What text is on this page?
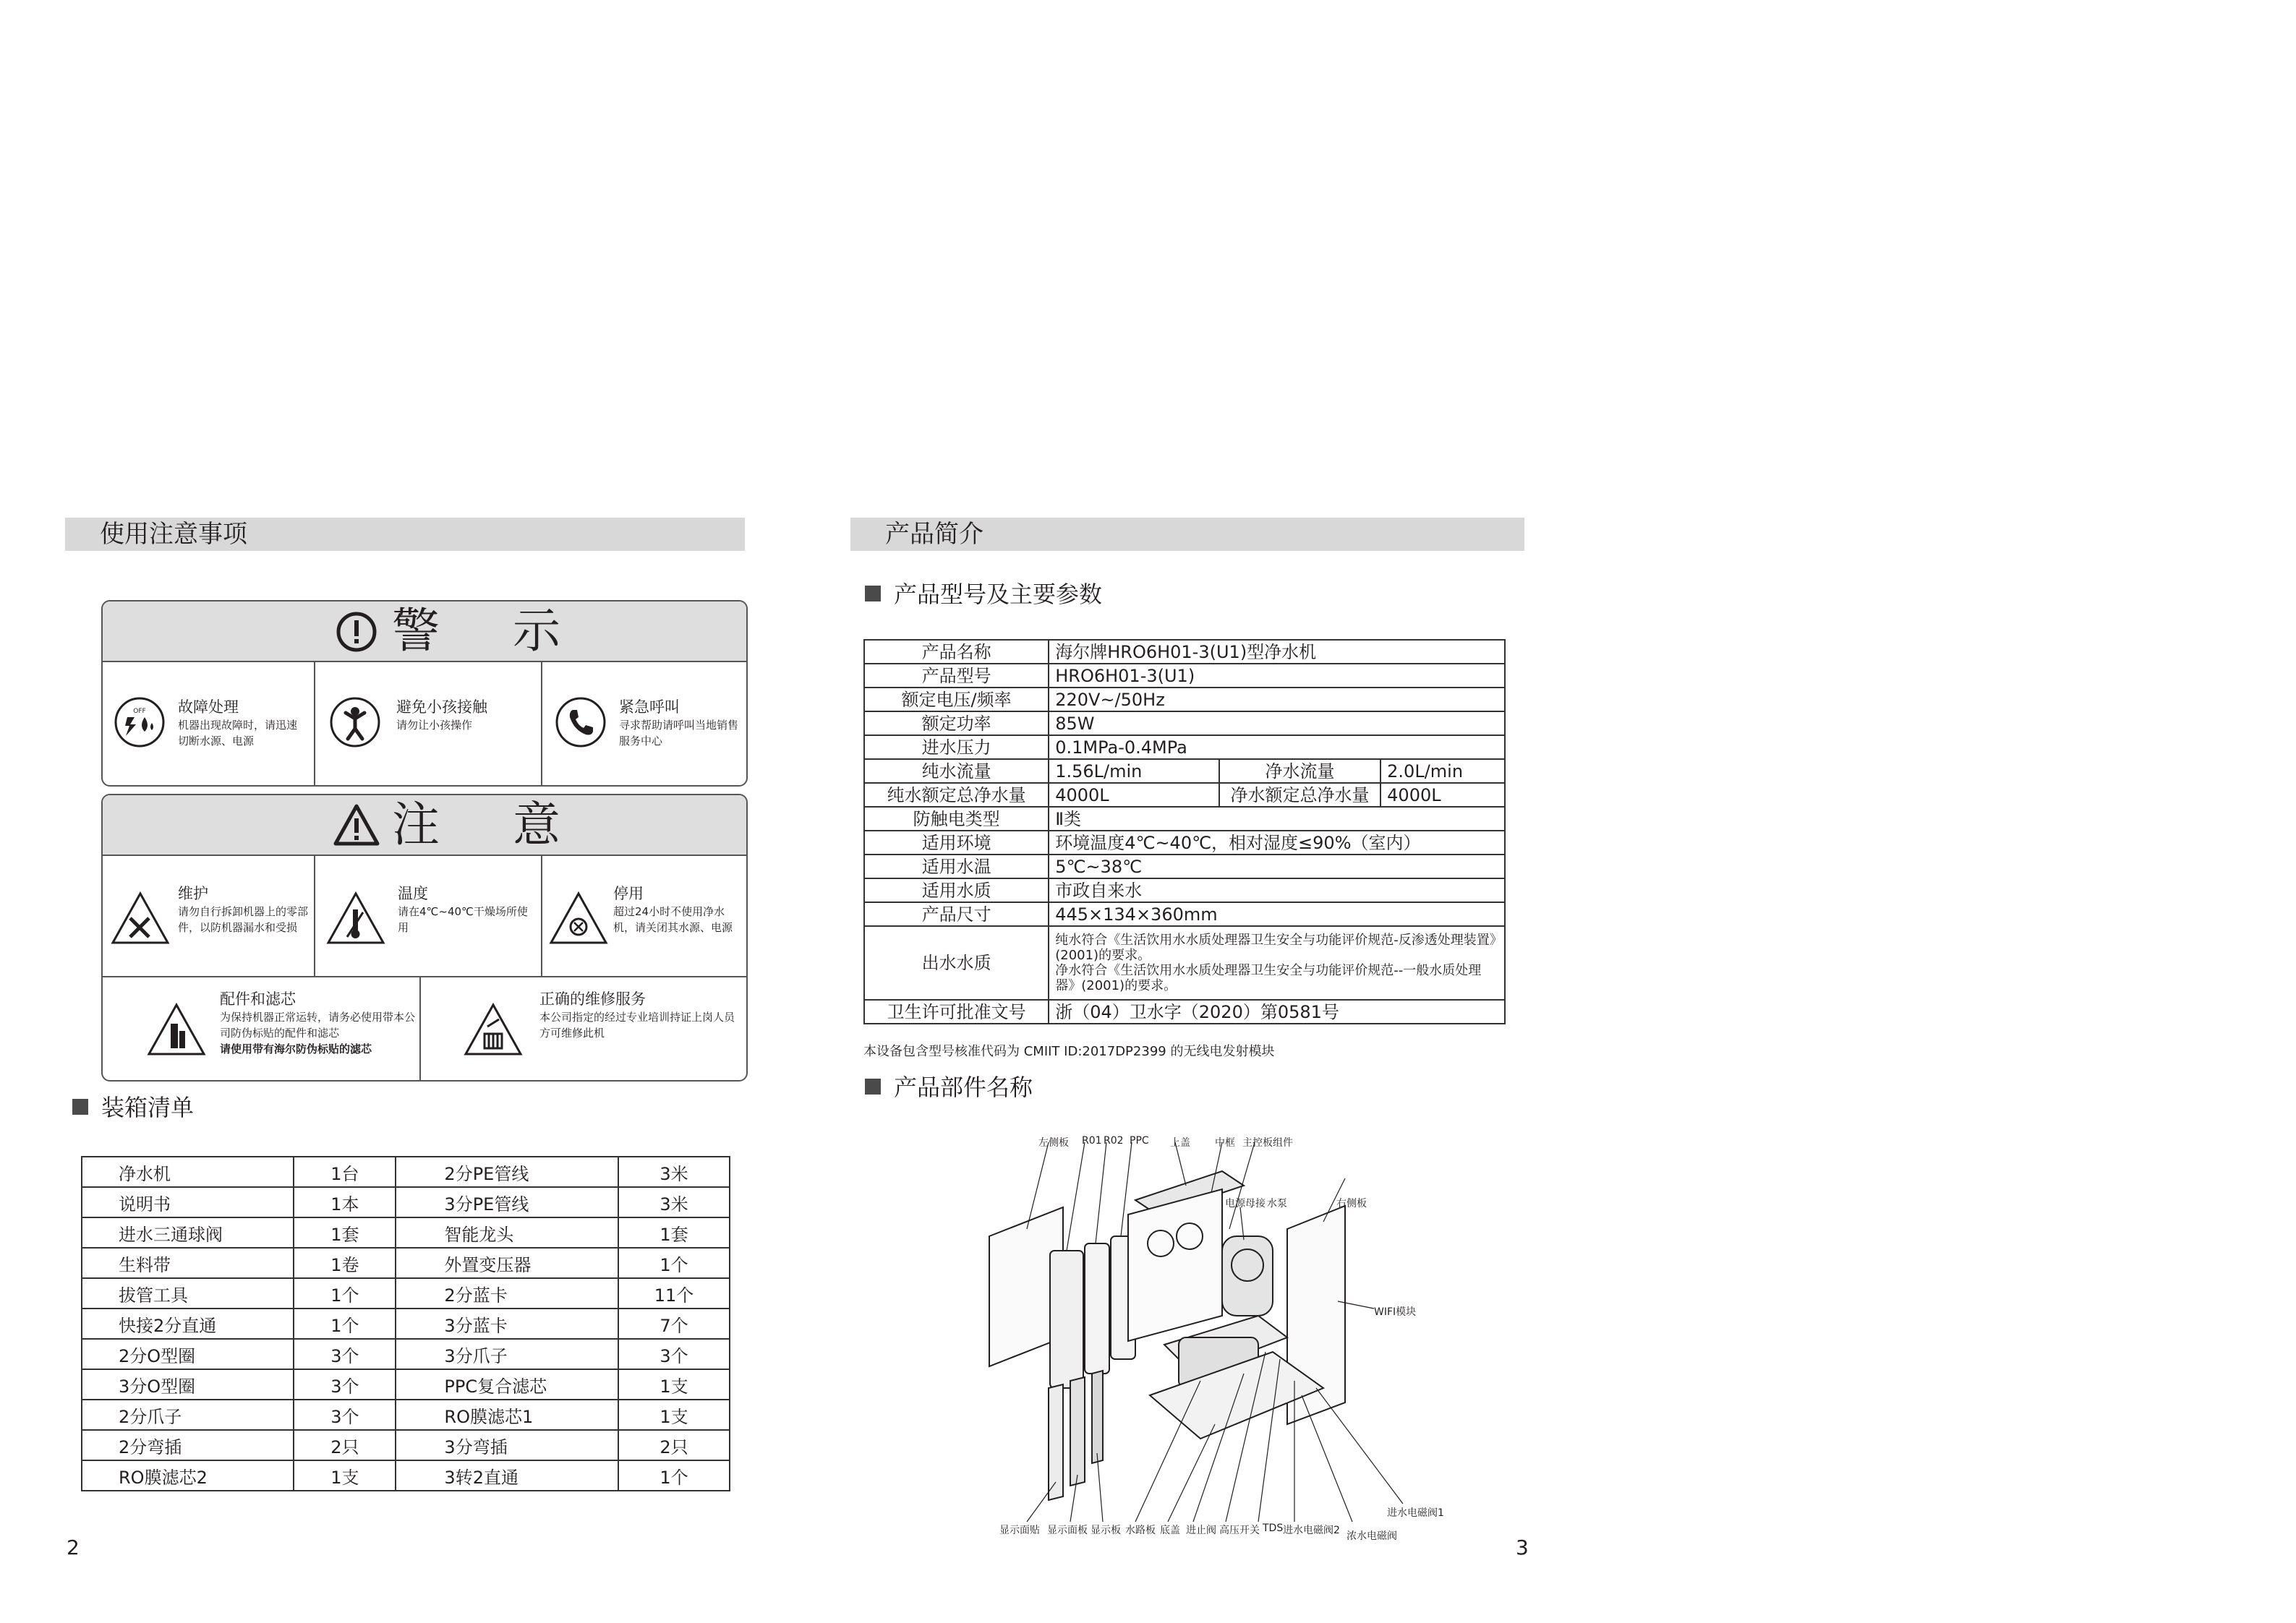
使用注意事项
警 示
OFF 故障处理
机器出现故障时，请迅速切断水源、电源
避免小孩接触
请勿让小孩操作
紧急呼叫
寻求帮助请呼叫当地销售服务中心
注 意
维护
请勿自行拆卸机器上的零部件，以防机器漏水和受损
温度
请在4℃~40℃干燥场所使用
停用
超过24小时不使用净水机，请关闭其水源、电源
配件和滤芯
为保持机器正常运转，请务必使用带本公司防伪标贴的配件和滤芯
请使用带有海尔防伪标贴的滤芯
正确的维修服务
本公司指定的经过专业培训持证上岗人员方可维修此机
装箱清单
净水机	1台	2分PE管线	3米
说明书	1本	3分PE管线	3米
进水三通球阀	1套	智能龙头	1套
生料带	1卷	外置变压器	1个
拔管工具	1个	2分蓝卡	11个
快接2分直通	1个	3分蓝卡	7个
2分O型圈	3个	3分爪子	3个
3分O型圈	3个	PPC复合滤芯	1支
2分爪子	3个	RO膜滤芯1	1支
2分弯插	2只	3分弯插	2只
RO膜滤芯2	1支	3转2直通	1个
2
产品简介
产品型号及主要参数
产品名称	海尔牌HRO6H01-3(U1)型净水机		
产品型号	HRO6H01-3(U1)		
额定电压/频率	220V~/50Hz		
额定功率	85W		
进水压力	0.1MPa-0.4MPa		
纯水流量	1.56L/min	净水流量	2.0L/min
纯水额定总净水量	4000L	净水额定总净水量	4000L
防触电类型	Ⅱ类		
适用环境	环境温度4℃~40℃，相对湿度≤90%（室内）		
适用水温	5℃~38℃		
适用水质	市政自来水		
产品尺寸	445×134×360mm		
出水水质	纯水符合《生活饮用水水质处理器卫生安全与功能评价规范-反渗透处理装置》(2001)的要求。
净水符合《生活饮用水水质处理器卫生安全与功能评价规范--一般水质处理器》(2001)的要求。		

卫生许可批准文号	浙（04）卫水字（2020）第0581号		
本设备包含型号核准代码为 CMIIT ID:2017DP2399 的无线电发射模块
产品部件名称
左侧板 R01 R02 PPC 上盖 中框 主控板组件
电源母接 水泵	右侧板
WIFI模块
显示面贴 显示面板 显示板 水路板 底盖 进止阀 高压开关 TDS 进水电磁阀2 浓水电磁阀
进水电磁阀1
3
